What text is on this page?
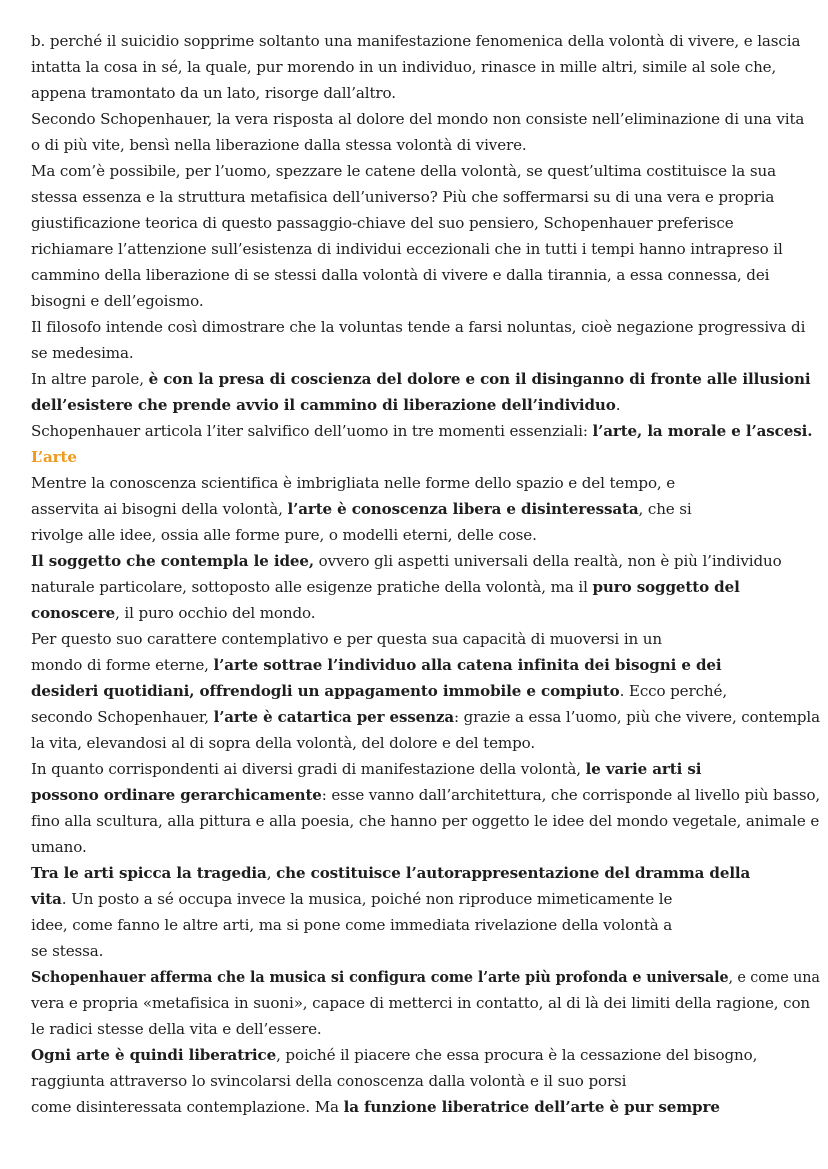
b. perché il suicidio sopprime soltanto una manifestazione fenomenica della volontà di vivere, e lascia
intatta la cosa in sé, la quale, pur morendo in un individuo, rinasce in mille altri, simile al sole che,
appena tramontato da un lato, risorge dall’altro.
Secondo Schopenhauer, la vera risposta al dolore del mondo non consiste nell’eliminazione di una vita
o di più vite, bensì nella liberazione dalla stessa volontà di vivere.
Ma com’è possibile, per l’uomo, spezzare le catene della volontà, se quest’ultima costituisce la sua
stessa essenza e la struttura metafisica dell’universo? Più che soffermarsi su di una vera e propria
giustificazione teorica di questo passaggio-chiave del suo pensiero, Schopenhauer preferisce
richiamare l’attenzione sull’esistenza di individui eccezionali che in tutti i tempi hanno intrapreso il
cammino della liberazione di se stessi dalla volontà di vivere e dalla tirannia, a essa connessa, dei
bisogni e dell’egoismo.
Il filosofo intende così dimostrare che la voluntas tende a farsi noluntas, cioè negazione progressiva di
se medesima.
In altre parole, è con la presa di coscienza del dolore e con il disinganno di fronte alle illusioni
dell’esistere che prende avvio il cammino di liberazione dell’individuo.
Schopenhauer articola l’iter salvifico dell’uomo in tre momenti essenziali: l’arte, la morale e l’ascesi.
L’arte
Mentre la conoscenza scientifica è imbrigliata nelle forme dello spazio e del tempo, e
asservita ai bisogni della volontà, l’arte è conoscenza libera e disinteressata, che si
rivolge alle idee, ossia alle forme pure, o modelli eterni, delle cose.
Il soggetto che contempla le idee, ovvero gli aspetti universali della realtà, non è più l’individuo
naturale particolare, sottoposto alle esigenze pratiche della volontà, ma il puro soggetto del
conoscere, il puro occhio del mondo.
Per questo suo carattere contemplativo e per questa sua capacità di muoversi in un
mondo di forme eterne, l’arte sottrae l’individuo alla catena infinita dei bisogni e dei
desideri quotidiani, offrendogli un appagamento immobile e compiuto. Ecco perché,
secondo Schopenhauer, l’arte è catartica per essenza: grazie a essa l’uomo, più che vivere, contempla
la vita, elevandosi al di sopra della volontà, del dolore e del tempo.
In quanto corrispondenti ai diversi gradi di manifestazione della volontà, le varie arti si
possono ordinare gerarchicamente: esse vanno dall’architettura, che corrisponde al livello più basso,
fino alla scultura, alla pittura e alla poesia, che hanno per oggetto le idee del mondo vegetale, animale e
umano.
Tra le arti spicca la tragedia, che costituisce l’autorappresentazione del dramma della
vita. Un posto a sé occupa invece la musica, poiché non riproduce mimeticamente le
idee, come fanno le altre arti, ma si pone come immediata rivelazione della volontà a
se stessa.
Schopenhauer afferma che la musica si configura come l’arte più profonda e universale, e come una
vera e propria «metafisica in suoni», capace di metterci in contatto, al di là dei limiti della ragione, con
le radici stesse della vita e dell’essere.
Ogni arte è quindi liberatrice, poiché il piacere che essa procura è la cessazione del bisogno,
raggiunta attraverso lo svincolarsi della conoscenza dalla volontà e il suo porsi
come disinteressata contemplazione. Ma la funzione liberatrice dell’arte è pur sempre
